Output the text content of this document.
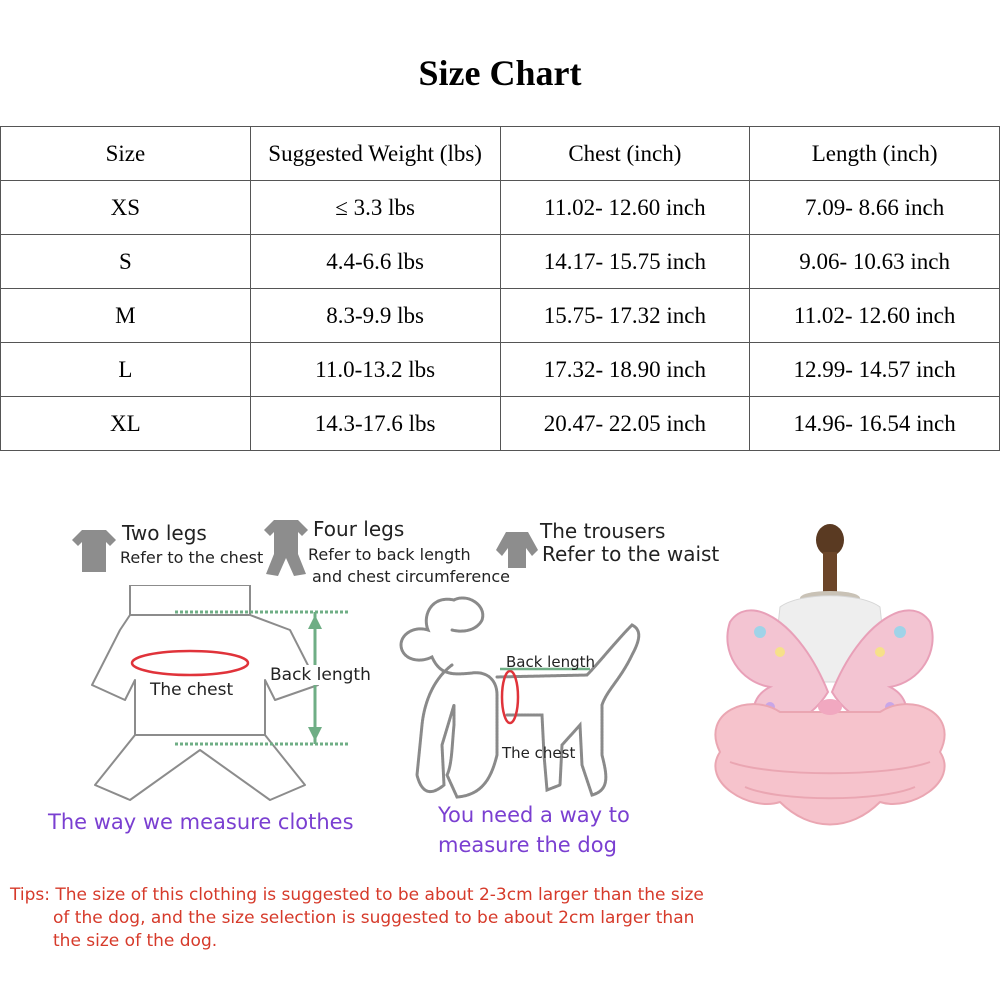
Size Chart
Size	Suggested Weight (lbs)	Chest (inch)	Length (inch)
XS	≤ 3.3 lbs	11.02- 12.60 inch	7.09- 8.66 inch
S	4.4-6.6 lbs	14.17- 15.75 inch	9.06- 10.63 inch
M	8.3-9.9 lbs	15.75- 17.32 inch	11.02- 12.60 inch
L	11.0-13.2 lbs	17.32- 18.90 inch	12.99- 14.57 inch
XL	14.3-17.6 lbs	20.47- 22.05 inch	14.96- 16.54 inch
Two legs
Refer to the chest
Four legs
Refer to back length
and chest circumference
The trousers
Refer to the waist
The chest
Back length
The way we measure clothes
Back length
The chest
You need a way to
measure the dog
Tips: The size of this clothing is suggested to be about 2-3cm larger than the size
of the dog, and the size selection is suggested to be about 2cm larger than
the size of the dog.
